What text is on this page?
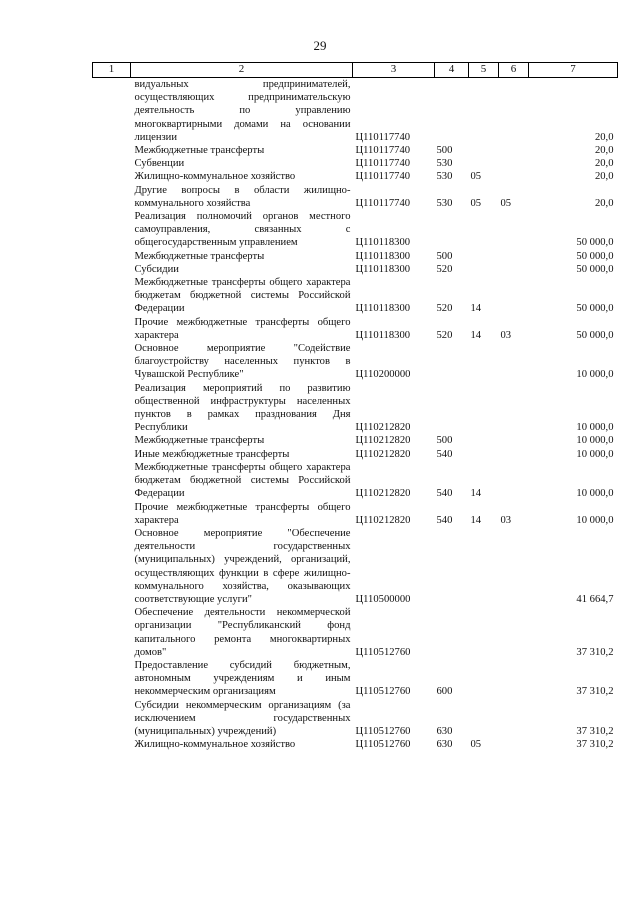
29
1	2	3	4	5	6	7
	видуальных предпринимателей, осуществляющих предпринимательскую деятельность по управлению многоквартирными домами на основании лицензии	Ц110117740				20,0
	Межбюджетные трансферты	Ц110117740	500			20,0
	Субвенции	Ц110117740	530			20,0
	Жилищно-коммунальное хозяйство	Ц110117740	530	05		20,0
	Другие вопросы в области жилищно-коммунального хозяйства	Ц110117740	530	05	05	20,0
	Реализация полномочий органов местного самоуправления, связанных с общегосударственным управлением	Ц110118300				50 000,0
	Межбюджетные трансферты	Ц110118300	500			50 000,0
	Субсидии	Ц110118300	520			50 000,0
	Межбюджетные трансферты общего характера бюджетам бюджетной системы Российской Федерации	Ц110118300	520	14		50 000,0
	Прочие межбюджетные трансферты общего характера	Ц110118300	520	14	03	50 000,0
	Основное мероприятие "Содействие благоустройству населенных пунктов в Чувашской Республике"	Ц110200000				10 000,0
	Реализация мероприятий по развитию общественной инфраструктуры населенных пунктов в рамках празднования Дня Республики	Ц110212820				10 000,0
	Межбюджетные трансферты	Ц110212820	500			10 000,0
	Иные межбюджетные трансферты	Ц110212820	540			10 000,0
	Межбюджетные трансферты общего характера бюджетам бюджетной системы Российской Федерации	Ц110212820	540	14		10 000,0
	Прочие межбюджетные трансферты общего характера	Ц110212820	540	14	03	10 000,0
	Основное мероприятие "Обеспечение деятельности государственных (муниципальных) учреждений, организаций, осуществляющих функции в сфере жилищно-коммунального хозяйства, оказывающих соответствующие услуги"	Ц110500000				41 664,7
	Обеспечение деятельности некоммерческой организации "Республиканский фонд капитального ремонта многоквартирных домов"	Ц110512760				37 310,2
	Предоставление субсидий бюджетным, автономным учреждениям и иным некоммерческим организациям	Ц110512760	600			37 310,2
	Субсидии некоммерческим организациям (за исключением государственных (муниципальных) учреждений)	Ц110512760	630			37 310,2
	Жилищно-коммунальное хозяйство	Ц110512760	630	05		37 310,2
